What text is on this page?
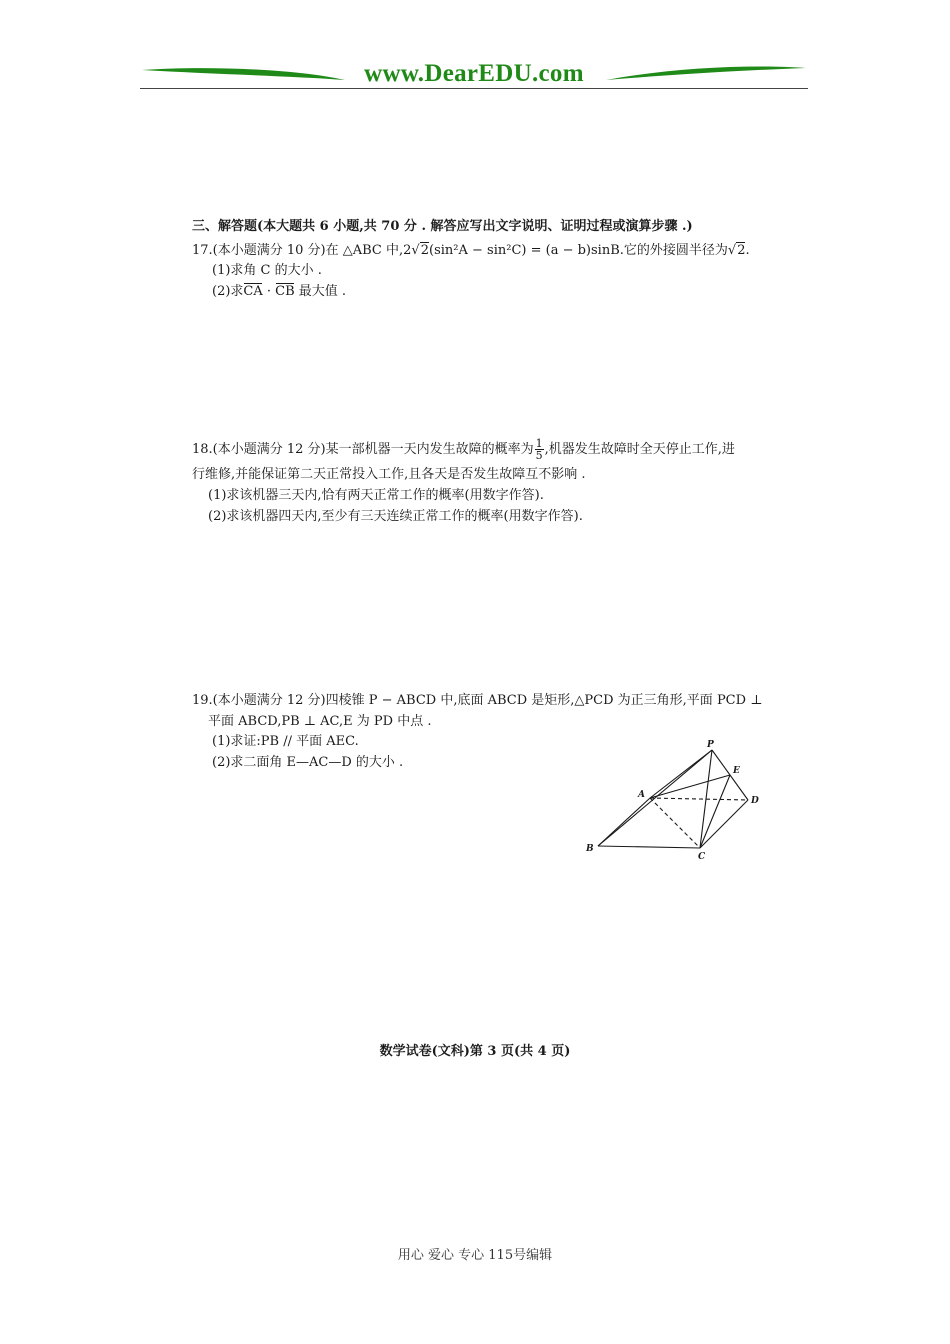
www.DearEDU.com
三、解答题(本大题共 6 小题,共 70 分 . 解答应写出文字说明、证明过程或演算步骤 .)
17.(本小题满分 10 分)在 △ABC 中,2√2(sin²A − sin²C) = (a − b)sinB.它的外接圆半径为√2.
(1)求角 C 的大小 .
(2)求CA · CB 最大值 .
18.(本小题满分 12 分)某一部机器一天内发生故障的概率为 $\frac{1}{5}$ ,机器发生故障时全天停止工作,进
行维修,并能保证第二天正常投入工作,且各天是否发生故障互不影响 .
(1)求该机器三天内,恰有两天正常工作的概率(用数字作答).
(2)求该机器四天内,至少有三天连续正常工作的概率(用数字作答).
19.(本小题满分 12 分)四棱锥 P − ABCD 中,底面 ABCD 是矩形,△PCD 为正三角形,平面 PCD ⊥
平面 ABCD,PB ⊥ AC,E 为 PD 中点 .
(1)求证:PB // 平面 AEC.
(2)求二面角 E—AC—D 的大小 .
P
E
A
D
B
C
数学试卷(文科)第 3 页(共 4 页)
用心 爱心 专心 115号编辑
